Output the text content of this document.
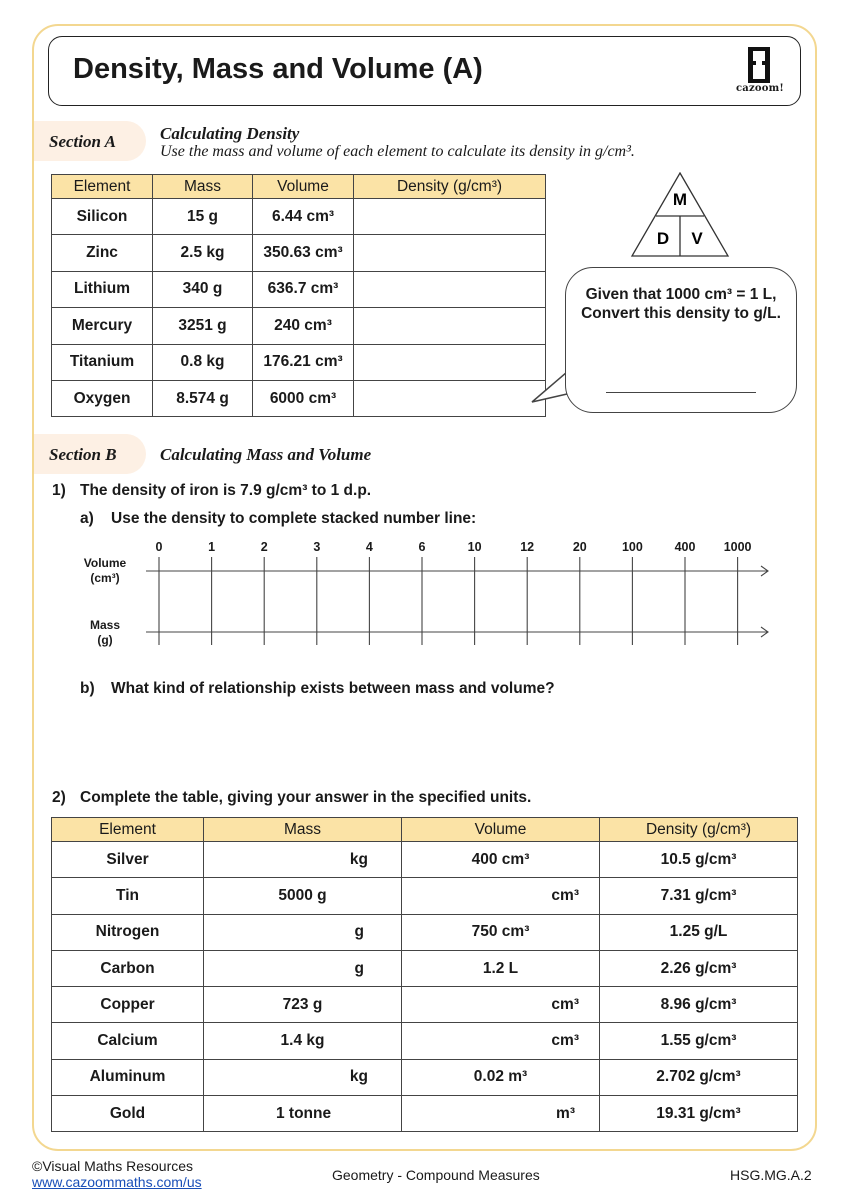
Density, Mass and Volume (A)
cazoom!
Section A	Calculating Density
Use the mass and volume of each element to calculate its density in g/cm³.
Element	Mass	Volume	Density (g/cm³)
Silicon	15 g	6.44 cm³	
Zinc	2.5 kg	350.63 cm³	
Lithium	340 g	636.7 cm³	
Mercury	3251 g	240 cm³	
Titanium	0.8 kg	176.21 cm³	
Oxygen	8.574 g	6000 cm³	
M
D V
Given that 1000 cm³ = 1 L,
Convert this density to g/L.
Section B	Calculating Mass and Volume
1) The density of iron is 7.9 g/cm³ to 1 d.p.
a) Use the density to complete stacked number line:
Volume
(cm³)
Mass
(g)
0	1	2	3	4	6	10	12	20	100	400	1000
b) What kind of relationship exists between mass and volume?
2) Complete the table, giving your answer in the specified units.
Element	Mass	Volume	Density (g/cm³)
Silver	kg	400 cm³	10.5 g/cm³
Tin	5000 g	cm³	7.31 g/cm³
Nitrogen	g	750 cm³	1.25 g/L
Carbon	g	1.2 L	2.26 g/cm³
Copper	723 g	cm³	8.96 g/cm³
Calcium	1.4 kg	cm³	1.55 g/cm³
Aluminum	kg	0.02 m³	2.702 g/cm³
Gold	1 tonne	m³	19.31 g/cm³
©Visual Maths Resources
www.cazoommaths.com/us	Geometry - Compound Measures	HSG.MG.A.2
